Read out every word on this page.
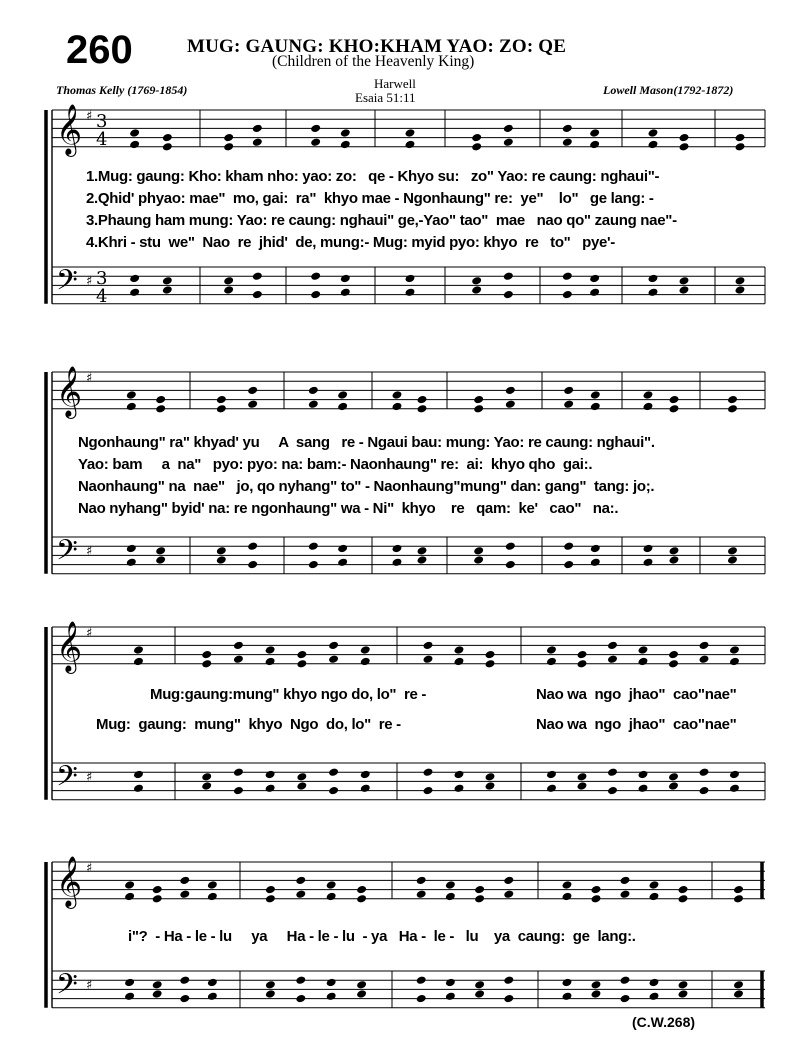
260	MUG: GAUNG: KHO:KHAM YAO: ZO: QE
(Children of the Heavenly King)
Thomas Kelly (1769-1854)	Lowell Mason(1792-1872)
Harwell
Esaia 51:11
𝄞
𝄢
♯
♯
3
4
3
4
𝄞
𝄢
♯
♯
𝄞
𝄢
♯
♯
𝄞
𝄢
♯
♯
1.Mug: gaung: Kho: kham nho: yao: zo:   qe - Khyo su:   zo" Yao: re caung: nghaui"-
2.Qhid' phyao: mae"  mo, gai:  ra"  khyo mae - Ngonhaung" re:  ye"    lo"   ge lang: -
3.Phaung ham mung: Yao: re caung: nghaui" ge,-Yao" tao"  mae   nao qo" zaung nae"-
4.Khri - stu  we"  Nao  re  jhid'  de, mung:- Mug: myid pyo: khyo  re   to"   pye'-
Ngonhaung" ra" khyad' yu     A  sang   re - Ngaui bau: mung: Yao: re caung: nghaui".
Yao: bam     a  na"   pyo: pyo: na: bam:- Naonhaung" re:  ai:  khyo qho  gai:.
Naonhaung" na  nae"   jo, qo nyhang" to" - Naonhaung"mung" dan: gang"  tang: jo;.
Nao nyhang" byid' na: re ngonhaung" wa - Ni"  khyo    re   qam:  ke'   cao"   na:.
Mug:gaung:mung" khyo ngo do, lo"  re -
Mug:  gaung:  mung"  khyo  Ngo  do, lo"  re -
Nao wa  ngo  jhao"  cao"nae"
Nao wa  ngo  jhao"  cao"nae"
i"?  - Ha - le - lu     ya     Ha - le - lu  - ya   Ha -  le -   lu    ya  caung:  ge  lang:.
(C.W.268)
